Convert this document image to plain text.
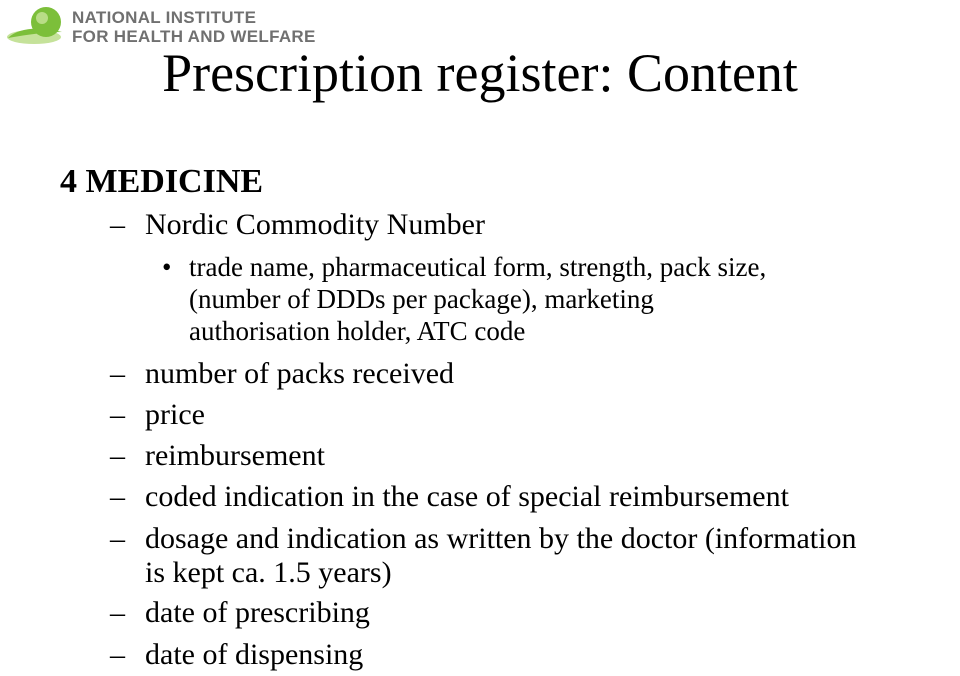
NATIONAL INSTITUTE
FOR HEALTH AND WELFARE
Prescription register: Content
4 MEDICINE
– Nordic Commodity Number
• trade name, pharmaceutical form, strength, pack size,
(number of DDDs per package), marketing
authorisation holder, ATC code
– number of packs received
– price
– reimbursement
– coded indication in the case of special reimbursement
– dosage and indication as written by the doctor (information
is kept ca. 1.5 years)
– date of prescribing
– date of dispensing
